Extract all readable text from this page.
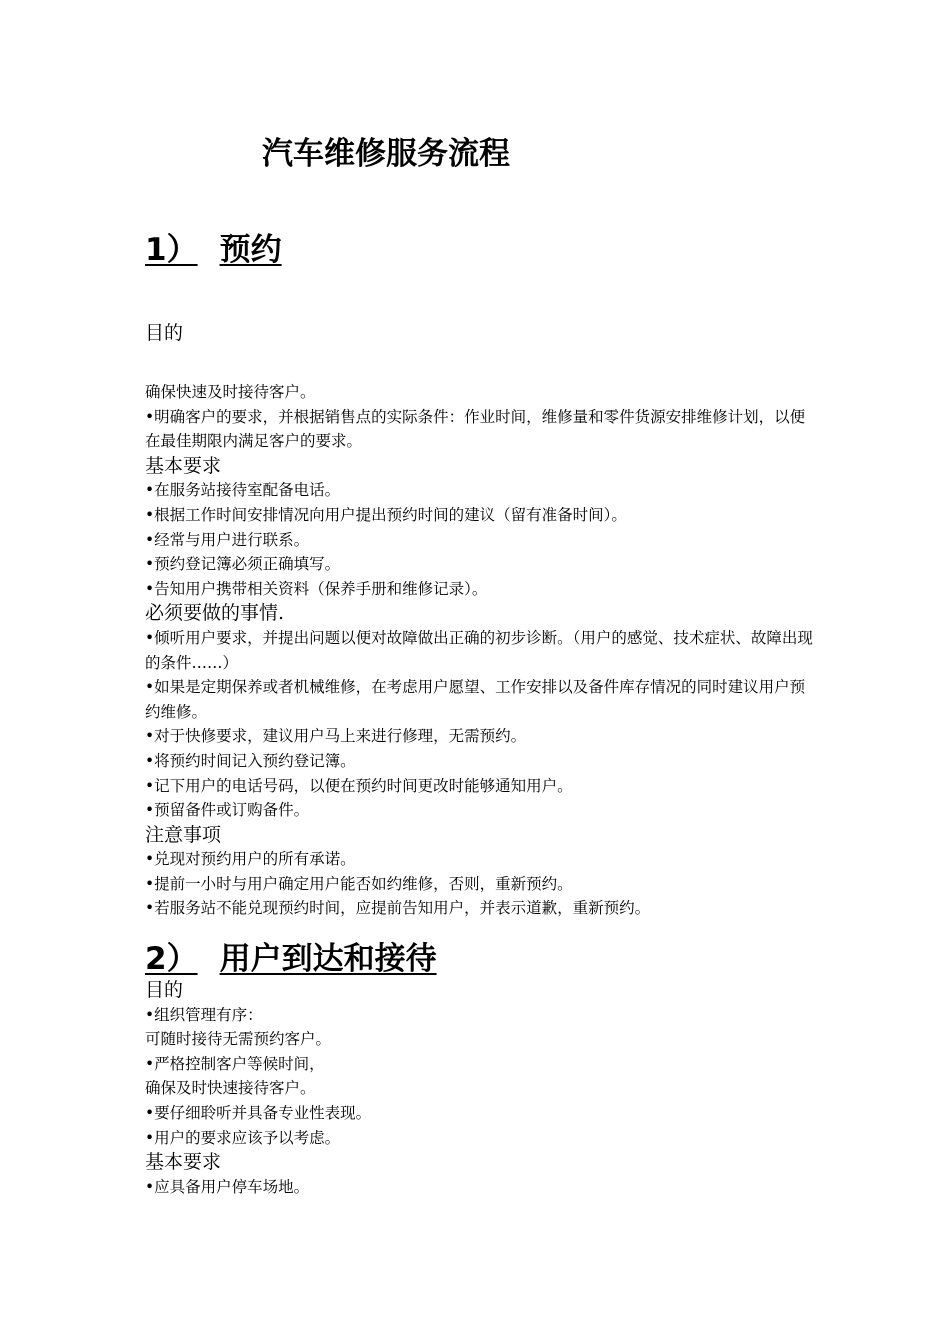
汽车维修服务流程
1） 预约
目的

确保快速及时接待客户。

•明确客户的要求，并根据销售点的实际条件：作业时间，维修量和零件货源安排维修计划，以便在最佳期限内满足客户的要求。

基本要求

•在服务站接待室配备电话。

•根据工作时间安排情况向用户提出预约时间的建议（留有准备时间）。

•经常与用户进行联系。

•预约登记簿必须正确填写。

•告知用户携带相关资料（保养手册和维修记录）。

必须要做的事情.

•倾听用户要求，并提出问题以便对故障做出正确的初步诊断。（用户的感觉、技术症状、故障出现的条件……）

•如果是定期保养或者机械维修，在考虑用户愿望、工作安排以及备件库存情况的同时建议用户预约维修。

•对于快修要求，建议用户马上来进行修理，无需预约。

•将预约时间记入预约登记簿。

•记下用户的电话号码，以便在预约时间更改时能够通知用户。

•预留备件或订购备件。

注意事项

•兑现对预约用户的所有承诺。

•提前一小时与用户确定用户能否如约维修，否则，重新预约。

•若服务站不能兑现预约时间，应提前告知用户，并表示道歉，重新预约。

2） 用户到达和接待

目的

•组织管理有序：

可随时接待无需预约客户。

•严格控制客户等候时间，

确保及时快速接待客户。

•要仔细聆听并具备专业性表现。

•用户的要求应该予以考虑。

基本要求

•应具备用户停车场地。
